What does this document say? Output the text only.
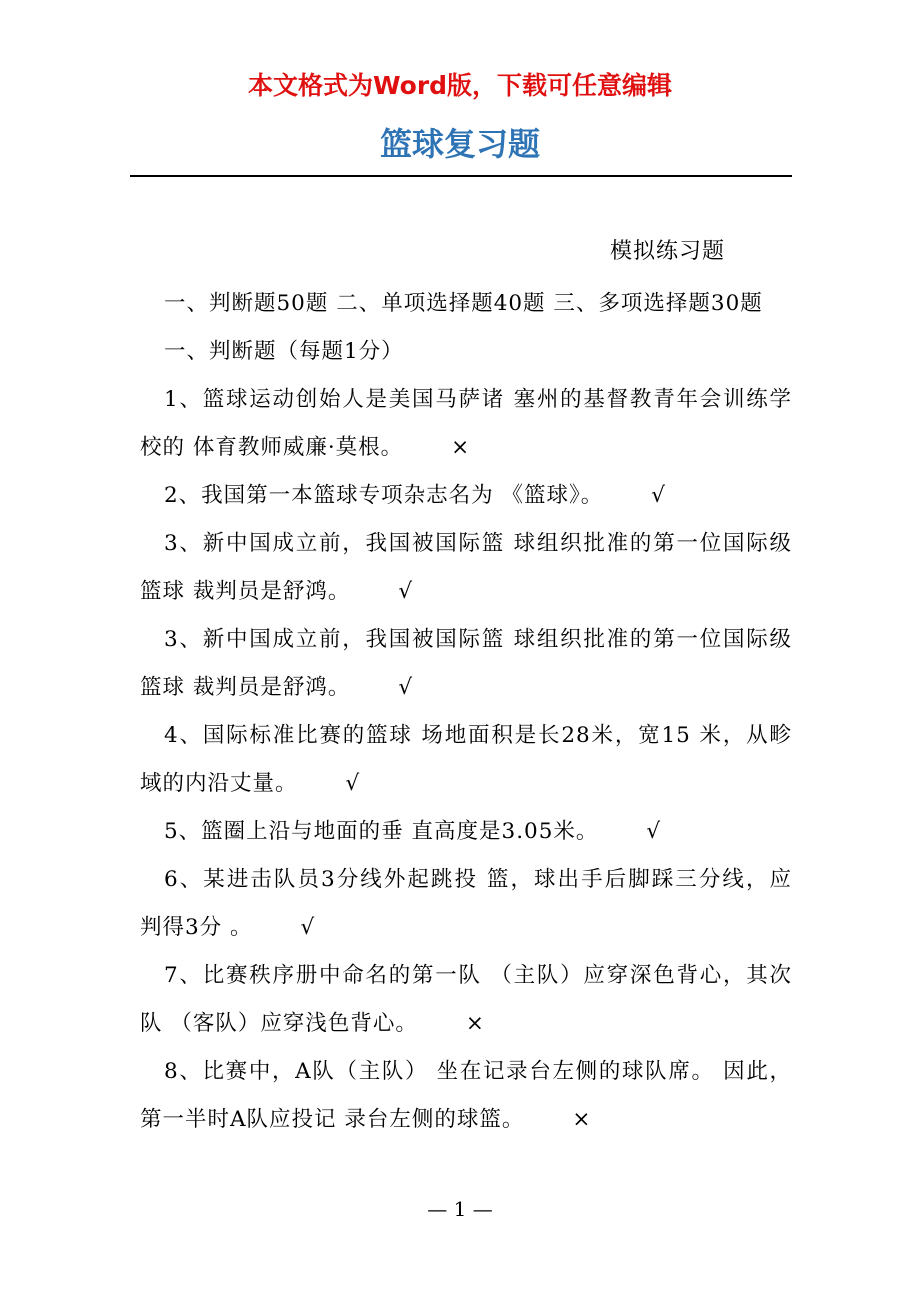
本文格式为Word版，下载可任意编辑
篮球复习题
模拟练习题

一、判断题50题 二、单项选择题40题 三、多项选择题30题

一、判断题（每题1分）

1、篮球运动创始人是美国马萨诸 塞州的基督教青年会训练学校的 体育教师威廉·莫根。 ×

2、我国第一本篮球专项杂志名为 《篮球》。 √

3、新中国成立前，我国被国际篮 球组织批准的第一位国际级篮球 裁判员是舒鸿。 √

3、新中国成立前，我国被国际篮 球组织批准的第一位国际级篮球 裁判员是舒鸿。 √

4、国际标准比赛的篮球 场地面积是长28米，宽15 米，从畛域的内沿丈量。 √

5、篮圈上沿与地面的垂 直高度是3.05米。 √

6、某进击队员3分线外起跳投 篮，球出手后脚踩三分线，应 判得3分 。 √

7、比赛秩序册中命名的第一队 （主队）应穿深色背心，其次队 （客队）应穿浅色背心。 ×

8、比赛中，A队（主队） 坐在记录台左侧的球队席。 因此，第一半时A队应投记 录台左侧的球篮。 ×

— 1 —
